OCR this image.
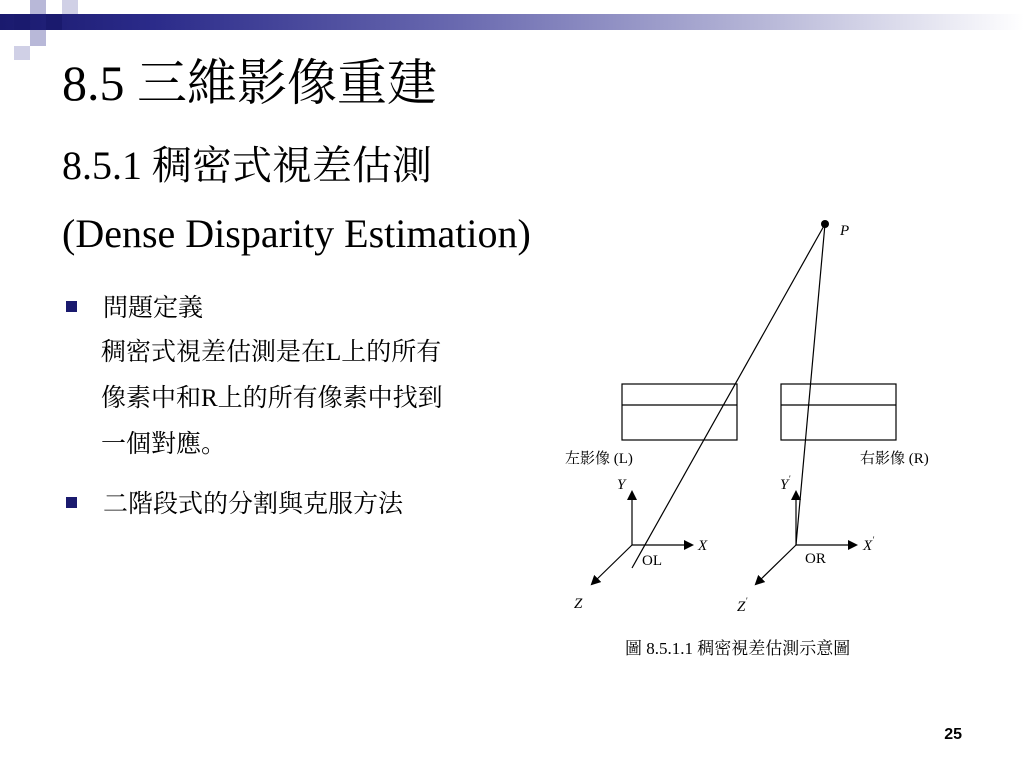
8.5 三維影像重建
8.5.1 稠密式視差估測
(Dense Disparity Estimation)
問題定義
稠密式視差估測是在L上的所有
像素中和R上的所有像素中找到
一個對應。
二階段式的分割與克服方法
P
左影像 (L)	右影像 (R)
Y
X
Z
OL
Y'
X'
Z'
OR
圖 8.5.1.1 稠密視差估測示意圖
25
